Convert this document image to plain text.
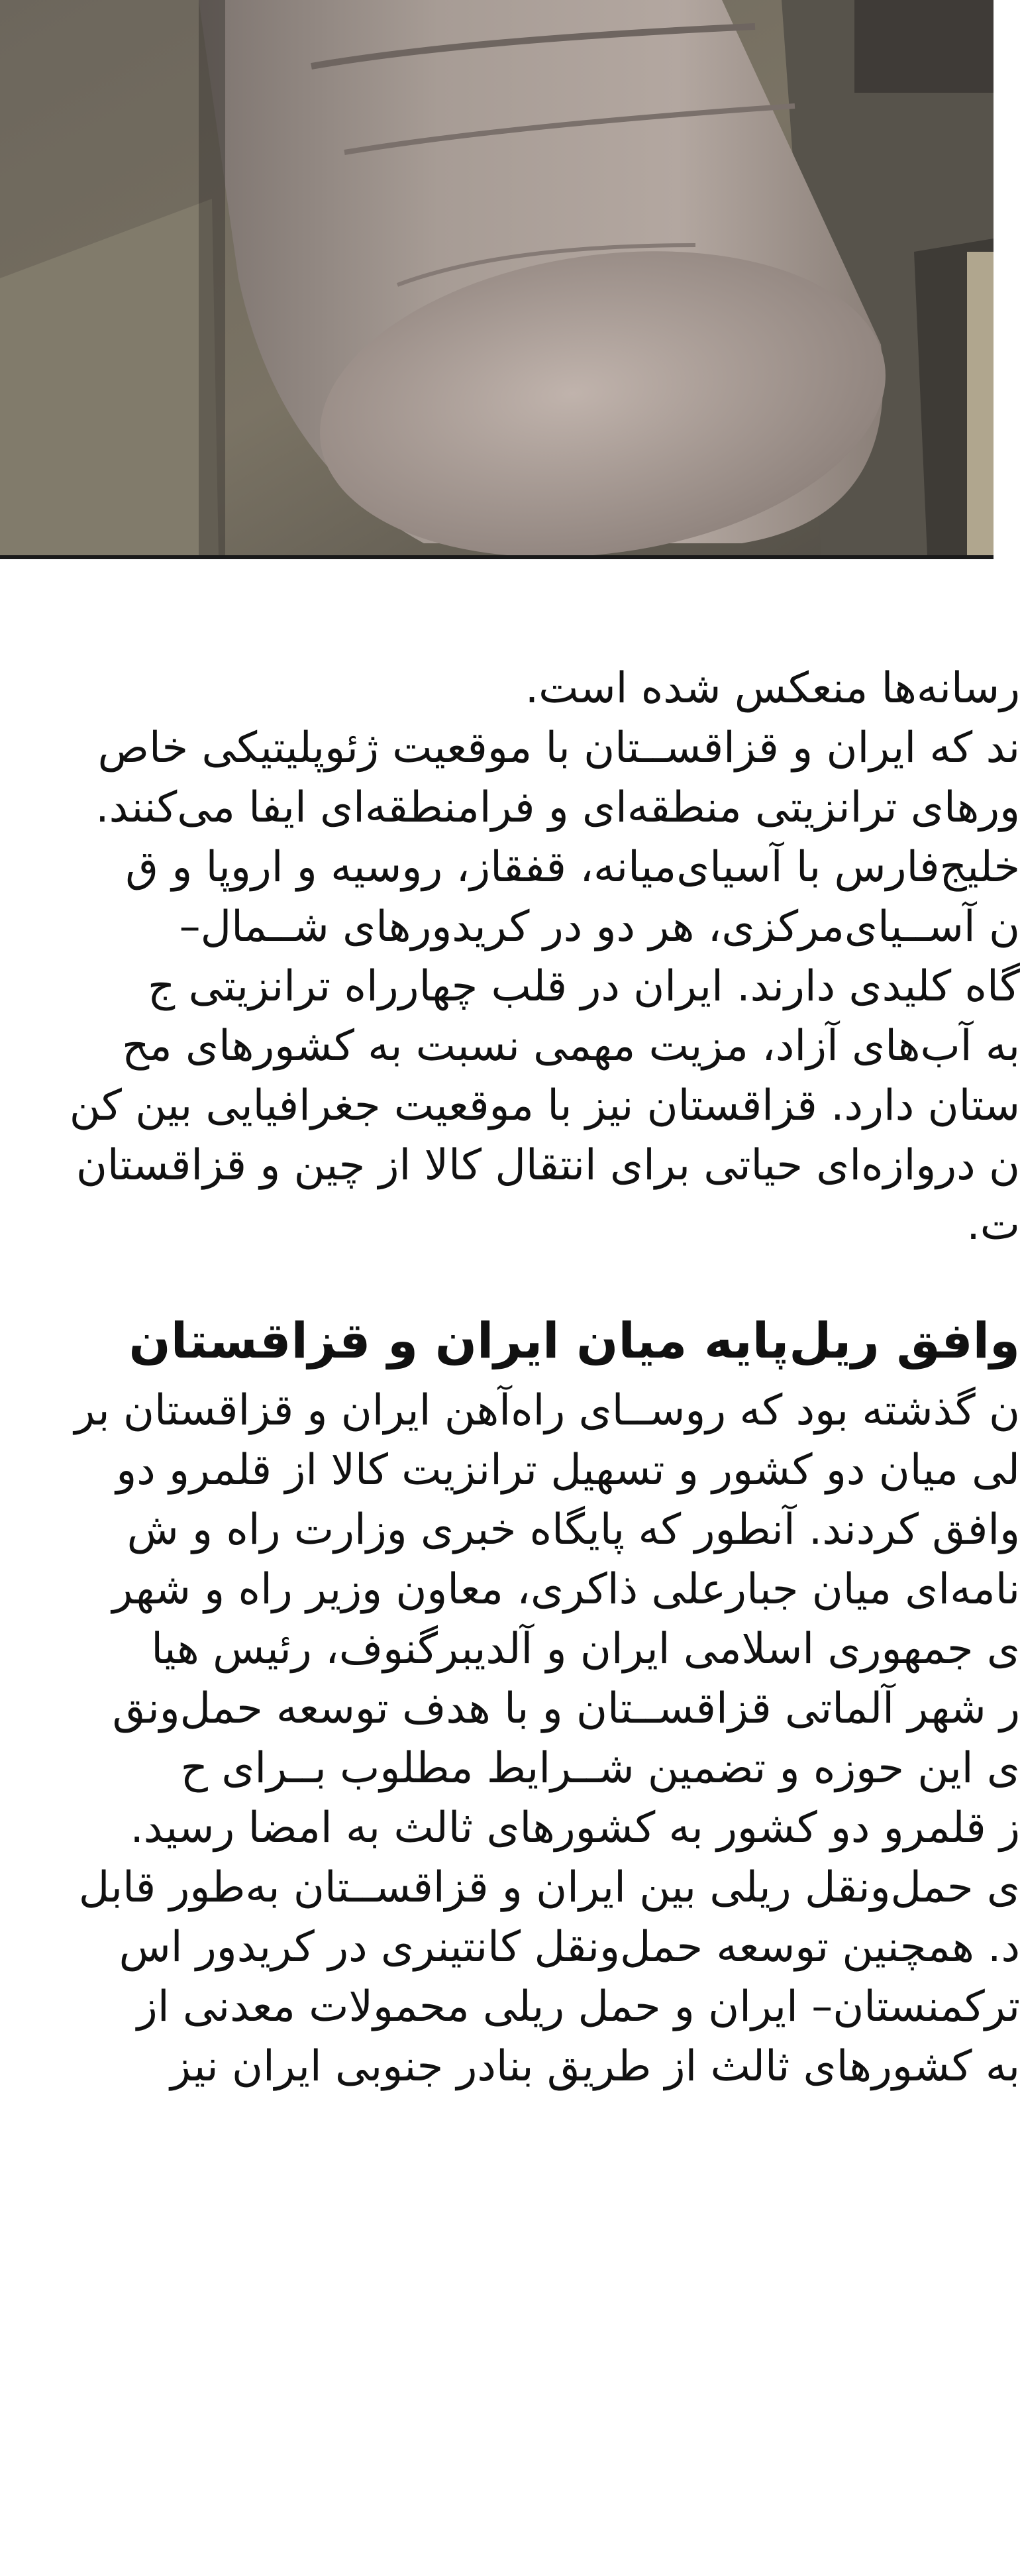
رسانه‌ها منعکس شده است.
ند که ایران و قزاقســتان با موقعیت ژئوپلیتیکی خاص
ورهای ترانزیتی منطقه‌ای و فرامنطقه‌ای ایفا می‌کنند.
خلیج‌فارس با آسیای‌میانه، قفقاز، روسیه و اروپا و ق
ن آســیای‌مرکزی، هر دو در کریدورهای شــمال–
گاه کلیدی دارند. ایران در قلب چهارراه ترانزیتی ج
به آب‌های آزاد، مزیت مهمی نسبت به کشورهای مح
ستان دارد. قزاقستان نیز با موقعیت جغرافیایی بین کن
ن دروازه‌ای حیاتی برای انتقال کالا از چین و قزاقستان
ت.
وافق ریل‌پایه میان ایران و قزاقستان
ن گذشته بود که روســای راه‌آهن ایران و قزاقستان بر
لی میان دو کشور و تسهیل ترانزیت کالا از قلمرو دو
وافق کردند. آنطور که پایگاه خبری وزارت راه و ش
نامه‌ای میان جبارعلی ذاکری، معاون وزیر راه و شهر
ی جمهوری اسلامی ایران و آلدیبرگنوف، رئیس هیا
ر شهر آلماتی قزاقســتان و با هدف توسعه حمل‌ونق
ی این حوزه و تضمین شــرایط مطلوب بــرای ح
ز قلمرو دو کشور به کشورهای ثالث به امضا رسید.
ی حمل‌ونقل ریلی بین ایران و قزاقســتان به‌طور قابل
د. همچنین توسعه حمل‌ونقل کانتینری در کریدور اس
ترکمنستان– ایران و حمل ریلی محمولات معدنی از
به کشورهای ثالث از طریق بنادر جنوبی ایران نیز
